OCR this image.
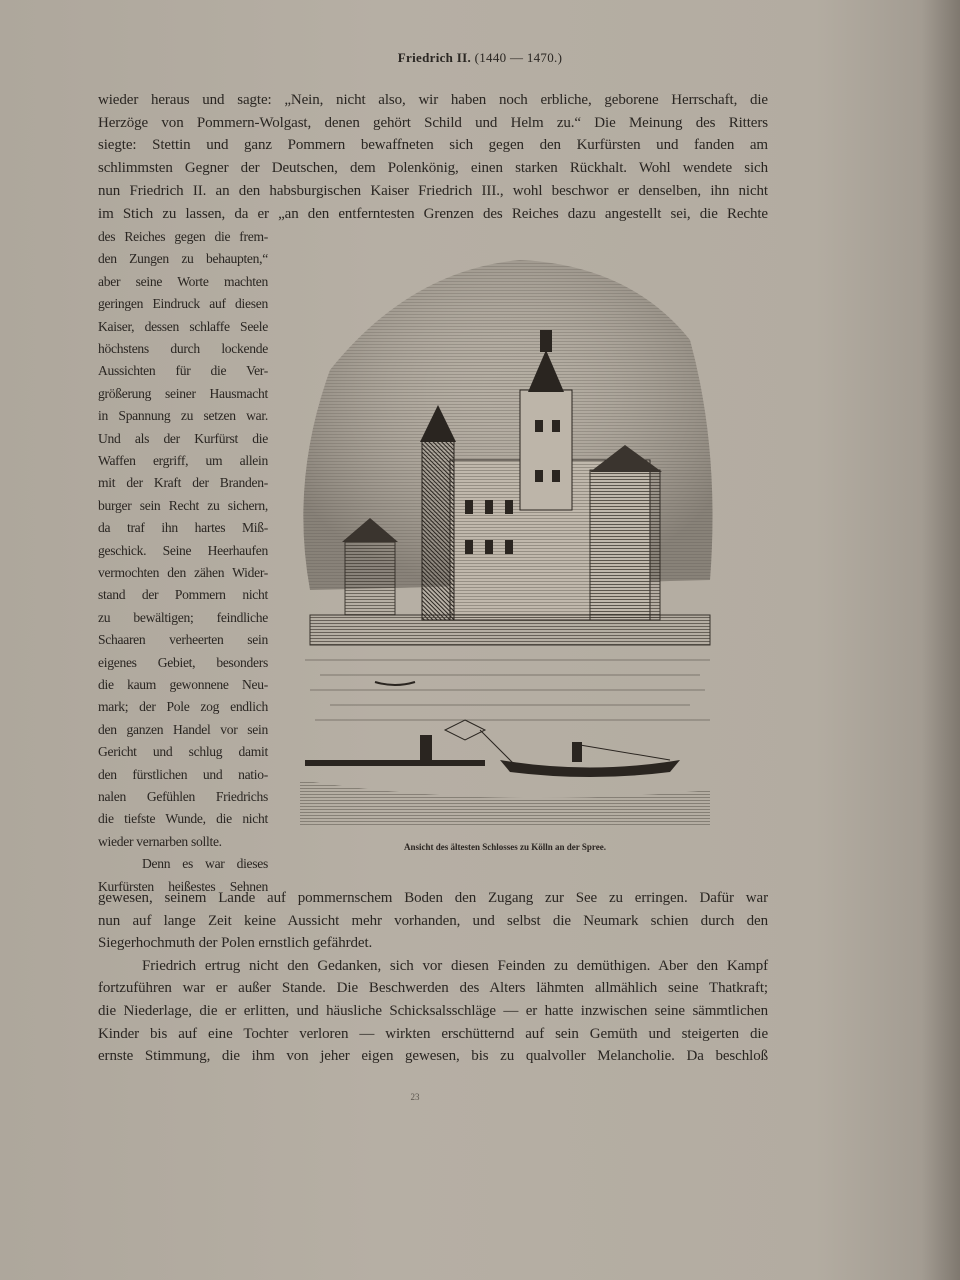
Friedrich II. (1440 — 1470.)
wieder heraus und sagte: „Nein, nicht also, wir haben noch erbliche, geborene Herrschaft, die
Herzöge von Pommern-Wolgast, denen gehört Schild und Helm zu.“ Die Meinung des Ritters
siegte: Stettin und ganz Pommern bewaffneten sich gegen den Kurfürsten und fanden am
schlimmsten Gegner der Deutschen, dem Polenkönig, einen starken Rückhalt. Wohl wendete sich
nun Friedrich II. an den habsburgischen Kaiser Friedrich III., wohl beschwor er denselben, ihn nicht
im Stich zu lassen, da er „an den entferntesten Grenzen des Reiches dazu angestellt sei, die Rechte
des Reiches gegen die frem-
den Zungen zu behaupten,“
aber seine Worte machten
geringen Eindruck auf diesen
Kaiser, dessen schlaffe Seele
höchstens durch lockende
Aussichten für die Ver-
größerung seiner Hausmacht
in Spannung zu setzen war.
Und als der Kurfürst die
Waffen ergriff, um allein
mit der Kraft der Branden-
burger sein Recht zu sichern,
da traf ihn hartes Miß-
geschick. Seine Heerhaufen
vermochten den zähen Wider-
stand der Pommern nicht
zu bewältigen; feindliche
Schaaren verheerten sein
eigenes Gebiet, besonders
die kaum gewonnene Neu-
mark; der Pole zog endlich
den ganzen Handel vor sein
Gericht und schlug damit
den fürstlichen und natio-
nalen Gefühlen Friedrichs
die tiefste Wunde, die nicht
wieder vernarben sollte.
Denn es war dieses
Kurfürsten heißestes Sehnen
gewesen, seinem Lande auf pommernschem Boden den Zugang zur See zu erringen. Dafür war
nun auf lange Zeit keine Aussicht mehr vorhanden, und selbst die Neumark schien durch den
Siegerhochmuth der Polen ernstlich gefährdet.
Friedrich ertrug nicht den Gedanken, sich vor diesen Feinden zu demüthigen. Aber den Kampf
fortzuführen war er außer Stande. Die Beschwerden des Alters lähmten allmählich seine Thatkraft;
die Niederlage, die er erlitten, und häusliche Schicksalsschläge — er hatte inzwischen seine sämmtlichen
Kinder bis auf eine Tochter verloren — wirkten erschütternd auf sein Gemüth und steigerten die
ernste Stimmung, die ihm von jeher eigen gewesen, bis zu qualvoller Melancholie. Da beschloß
Ansicht des ältesten Schlosses zu Kölln an der Spree.
23
